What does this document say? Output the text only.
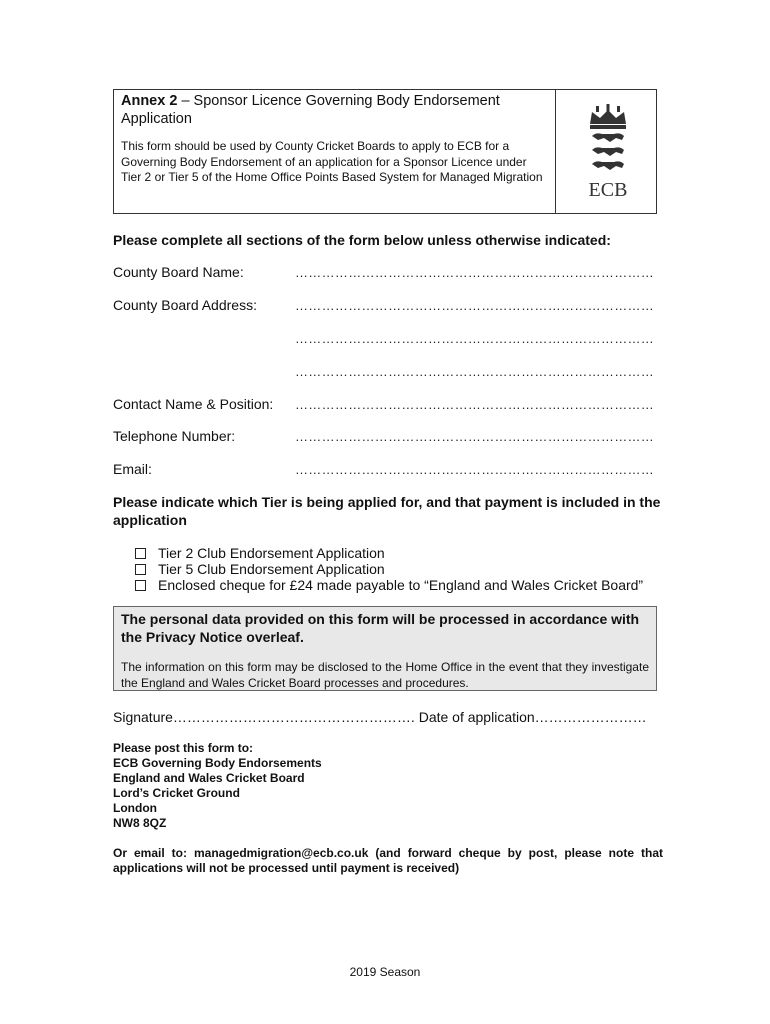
Annex 2 – Sponsor Licence Governing Body Endorsement Application
This form should be used by County Cricket Boards to apply to ECB for a Governing Body Endorsement of an application for a Sponsor Licence under Tier 2 or Tier 5 of the Home Office Points Based System for Managed Migration
ECB
Please complete all sections of the form below unless otherwise indicated:
County Board Name:	………………………………………………………………………
County Board Address:	………………………………………………………………………
………………………………………………………………………
………………………………………………………………………
Contact Name & Position: ………………………………………………………………………
Telephone Number:	………………………………………………………………………
Email:	………………………………………………………………………
Please indicate which Tier is being applied for, and that payment is included in the application
Tier 2 Club Endorsement Application
Tier 5 Club Endorsement Application
Enclosed cheque for £24 made payable to “England and Wales Cricket Board”
The personal data provided on this form will be processed in accordance with the Privacy Notice overleaf.
The information on this form may be disclosed to the Home Office in the event that they investigate the England and Wales Cricket Board processes and procedures.
Signature……………………………………………. Date of application……………………
Please post this form to:
ECB Governing Body Endorsements
England and Wales Cricket Board
Lord’s Cricket Ground
London
NW8 8QZ
Or email to: managedmigration@ecb.co.uk (and forward cheque by post, please note that applications will not be processed until payment is received)
2019 Season
